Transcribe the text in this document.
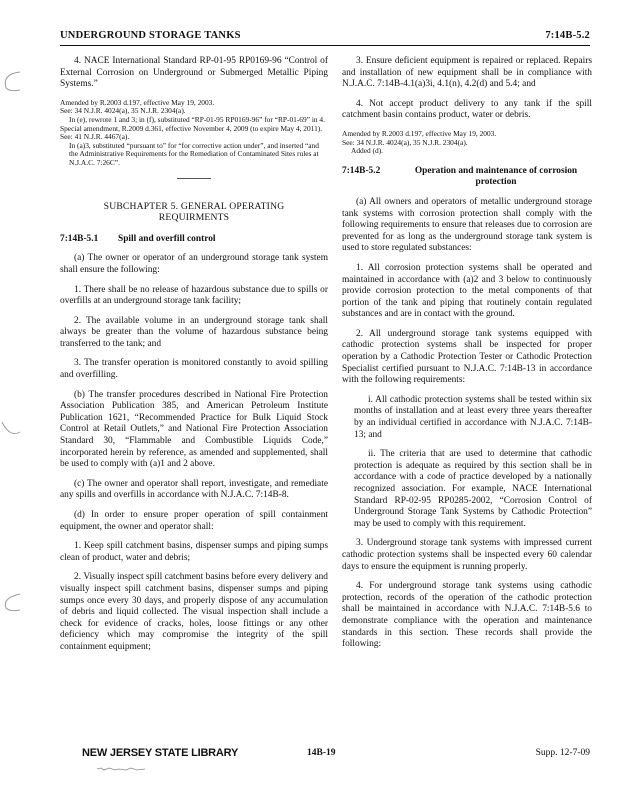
UNDERGROUND STORAGE TANKS	7:14B-5.2

4. NACE International Standard RP-01-95 RP0169-96 “Control of External Corrosion on Underground or Submerged Metallic Piping Systems.”

Amended by R.2003 d.197, effective May 19, 2003.

See: 34 N.J.R. 4024(a), 35 N.J.R. 2304(a).

In (e), rewrote 1 and 3; in (f), substituted “RP-01-95 RP0169-96” for “RP-01-69” in 4.

Special amendment, R.2009 d.361, effective November 4, 2009 (to expire May 4, 2011).

See: 41 N.J.R. 4467(a).

In (a)3, substituted “pursuant to” for “for corrective action under”, and inserted “and the Administrative Requirements for the Remediation of Contaminated Sites rules at N.J.A.C. 7:26C”.

SUBCHAPTER 5. GENERAL OPERATING
REQUIRMENTS

7:14B-5.1	Spill and overfill control

(a) The owner or operator of an underground storage tank system shall ensure the following:

1. There shall be no release of hazardous substance due to spills or overfills at an underground storage tank facility;

2. The available volume in an underground storage tank shall always be greater than the volume of hazardous substance being transferred to the tank; and

3. The transfer operation is monitored constantly to avoid spilling and overfilling.

(b) The transfer procedures described in National Fire Protection Association Publication 385, and American Petroleum Institute Publication 1621, “Recommended Practice for Bulk Liquid Stock Control at Retail Outlets,” and National Fire Protection Association Standard 30, “Flammable and Combustible Liquids Code,” incorporated herein by reference, as amended and supplemented, shall be used to comply with (a)1 and 2 above.

(c) The owner and operator shall report, investigate, and remediate any spills and overfills in accordance with N.J.A.C. 7:14B-8.

(d) In order to ensure proper operation of spill containment equipment, the owner and operator shall:

1. Keep spill catchment basins, dispenser sumps and piping sumps clean of product, water and debris;

2. Visually inspect spill catchment basins before every delivery and visually inspect spill catchment basins, dispenser sumps and piping sumps once every 30 days, and properly dispose of any accumulation of debris and liquid collected. The visual inspection shall include a check for evidence of cracks, holes, loose fittings or any other deficiency which may compromise the integrity of the spill containment equipment;

3. Ensure deficient equipment is repaired or replaced. Repairs and installation of new equipment shall be in compliance with N.J.A.C. 7:14B-4.1(a)3i, 4.1(n), 4.2(d) and 5.4; and

4. Not accept product delivery to any tank if the spill catchment basin contains product, water or debris.

Amended by R.2003 d.197, effective May 19, 2003.

See: 34 N.J.R. 4024(a), 35 N.J.R. 2304(a).

Added (d).

7:14B-5.2	Operation and maintenance of corrosion
protection

(a) All owners and operators of metallic underground storage tank systems with corrosion protection shall comply with the following requirements to ensure that releases due to corrosion are prevented for as long as the underground storage tank system is used to store regulated substances:

1. All corrosion protection systems shall be operated and maintained in accordance with (a)2 and 3 below to continuously provide corrosion protection to the metal components of that portion of the tank and piping that routinely contain regulated substances and are in contact with the ground.

2. All underground storage tank systems equipped with cathodic protection systems shall be inspected for proper operation by a Cathodic Protection Tester or Cathodic Protection Specialist certified pursuant to N.J.A.C. 7:14B-13 in accordance with the following requirements:

i. All cathodic protection systems shall be tested within six months of installation and at least every three years thereafter by an individual certified in accordance with N.J.A.C. 7:14B-13; and

ii. The criteria that are used to determine that cathodic protection is adequate as required by this section shall be in accordance with a code of practice developed by a nationally recognized association. For example, NACE International Standard RP-02-95 RP0285-2002, “Corrosion Control of Underground Storage Tank Systems by Cathodic Protection” may be used to comply with this requirement.

3. Underground storage tank systems with impressed current cathodic protection systems shall be inspected every 60 calendar days to ensure the equipment is running properly.

4. For underground storage tank systems using cathodic protection, records of the operation of the cathodic protection shall be maintained in accordance with N.J.A.C. 7:14B-5.6 to demonstrate compliance with the operation and maintenance standards in this section. These records shall provide the following:

NEW JERSEY STATE LIBRARY	14B-19	Supp. 12-7-09
